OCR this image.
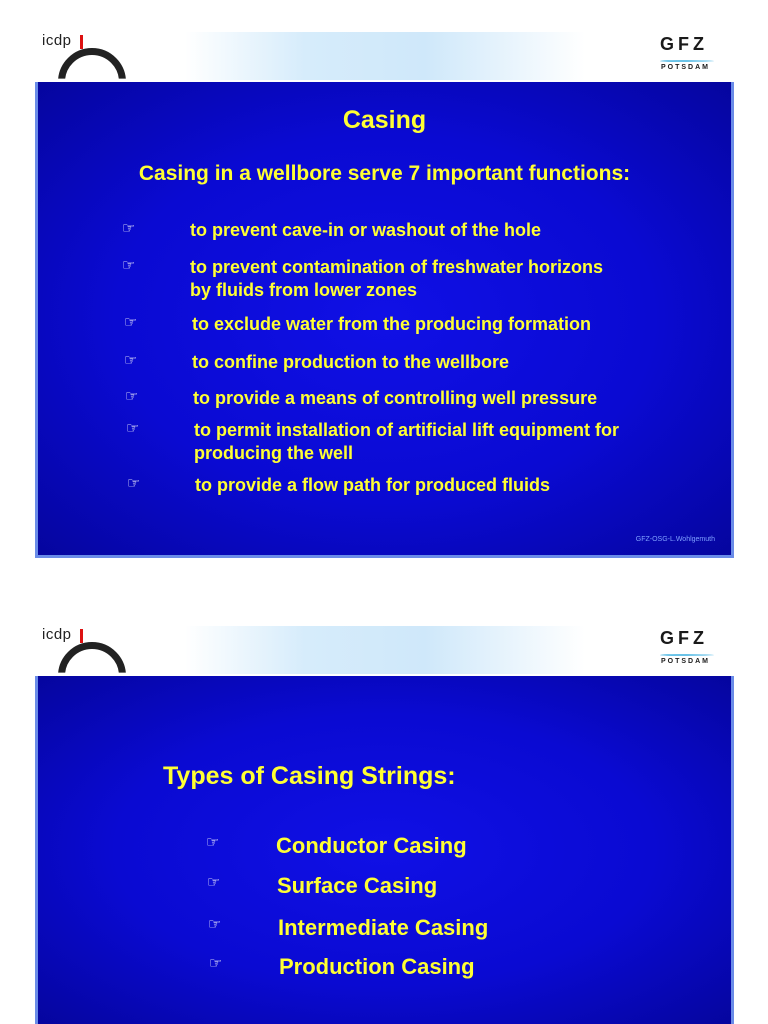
icdp	GFZ
POTSDAM
Casing
Casing in a wellbore serve 7 important functions:
☞	to prevent cave-in or washout of the hole
☞	to prevent contamination of freshwater horizons
by fluids from lower zones
☞	to exclude water from the producing formation
☞	to confine production to the wellbore
☞	to provide a means of controlling well pressure
☞	to permit installation of artificial lift equipment for
producing the well
☞	to provide a flow path for produced fluids
GFZ-OSG-L.Wohlgemuth
icdp	GFZ
POTSDAM
Types of Casing Strings:
☞	Conductor Casing
☞	Surface Casing
☞	Intermediate Casing
☞	Production Casing
